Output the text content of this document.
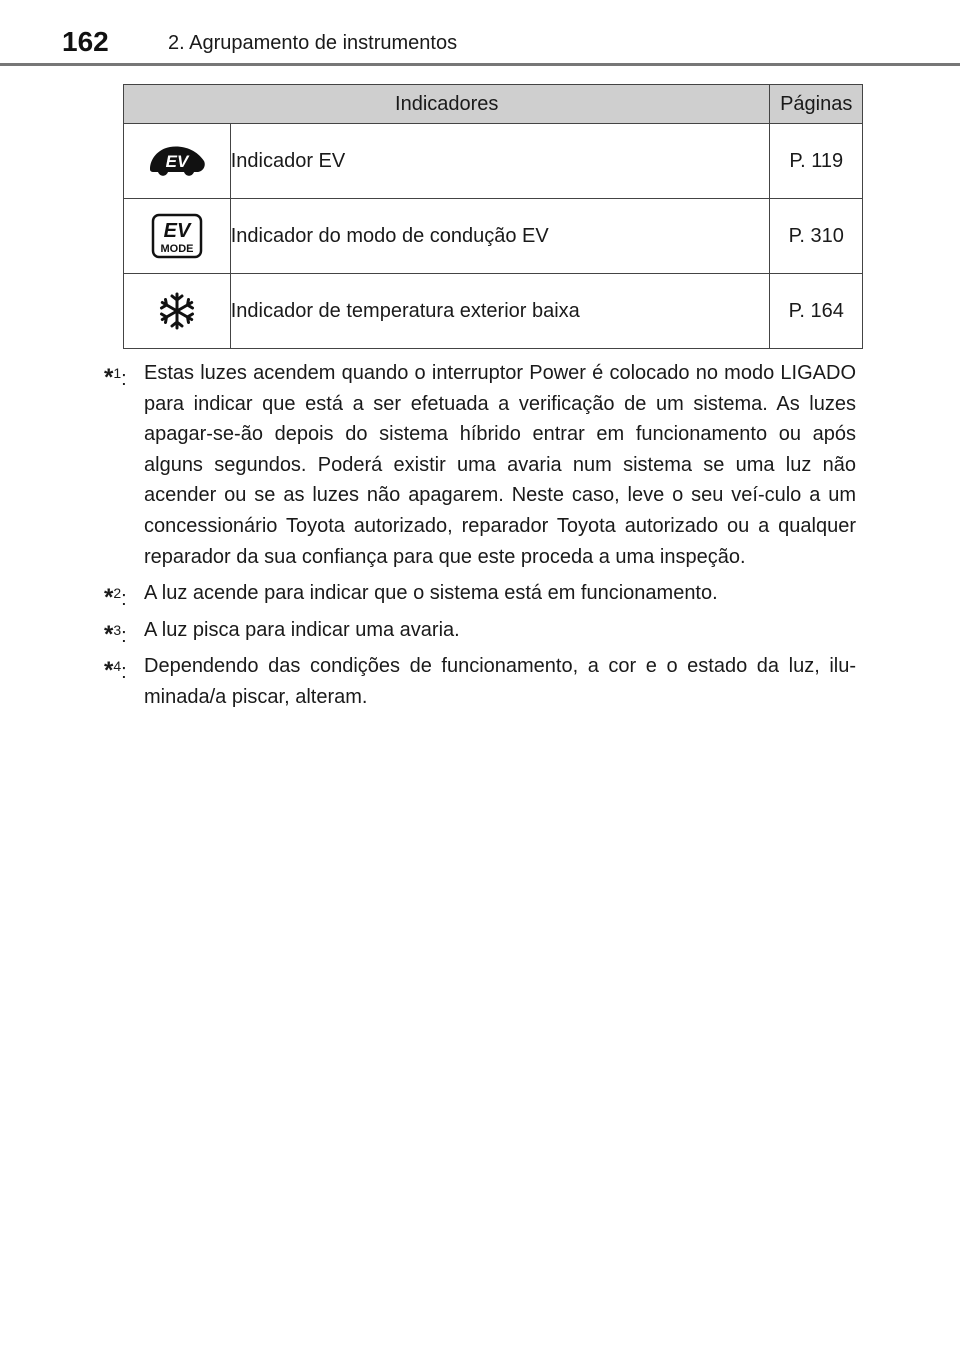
162	2. Agrupamento de instrumentos
Indicadores		Páginas

EV	Indicador EV	P. 119

EV
MODE	Indicador do modo de condução EV	P. 310
	Indicador de temperatura exterior baixa	P. 164
*$^1$: Estas luzes acendem quando o interruptor Power é colocado no modo LIGADO para indicar que está a ser efetuada a verificação de um sistema. As luzes apagar-se-ão depois do sistema híbrido entrar em funcionamento ou após alguns segundos. Poderá existir uma avaria num sistema se uma luz não acender ou se as luzes não apagarem. Neste caso, leve o seu veí-culo a um concessionário Toyota autorizado, reparador Toyota autorizado ou a qualquer reparador da sua confiança para que este proceda a uma inspeção.
*$^2$: A luz acende para indicar que o sistema está em funcionamento.
*$^3$: A luz pisca para indicar uma avaria.
*$^4$: Dependendo das condições de funcionamento, a cor e o estado da luz, ilu-minada/a piscar, alteram.
